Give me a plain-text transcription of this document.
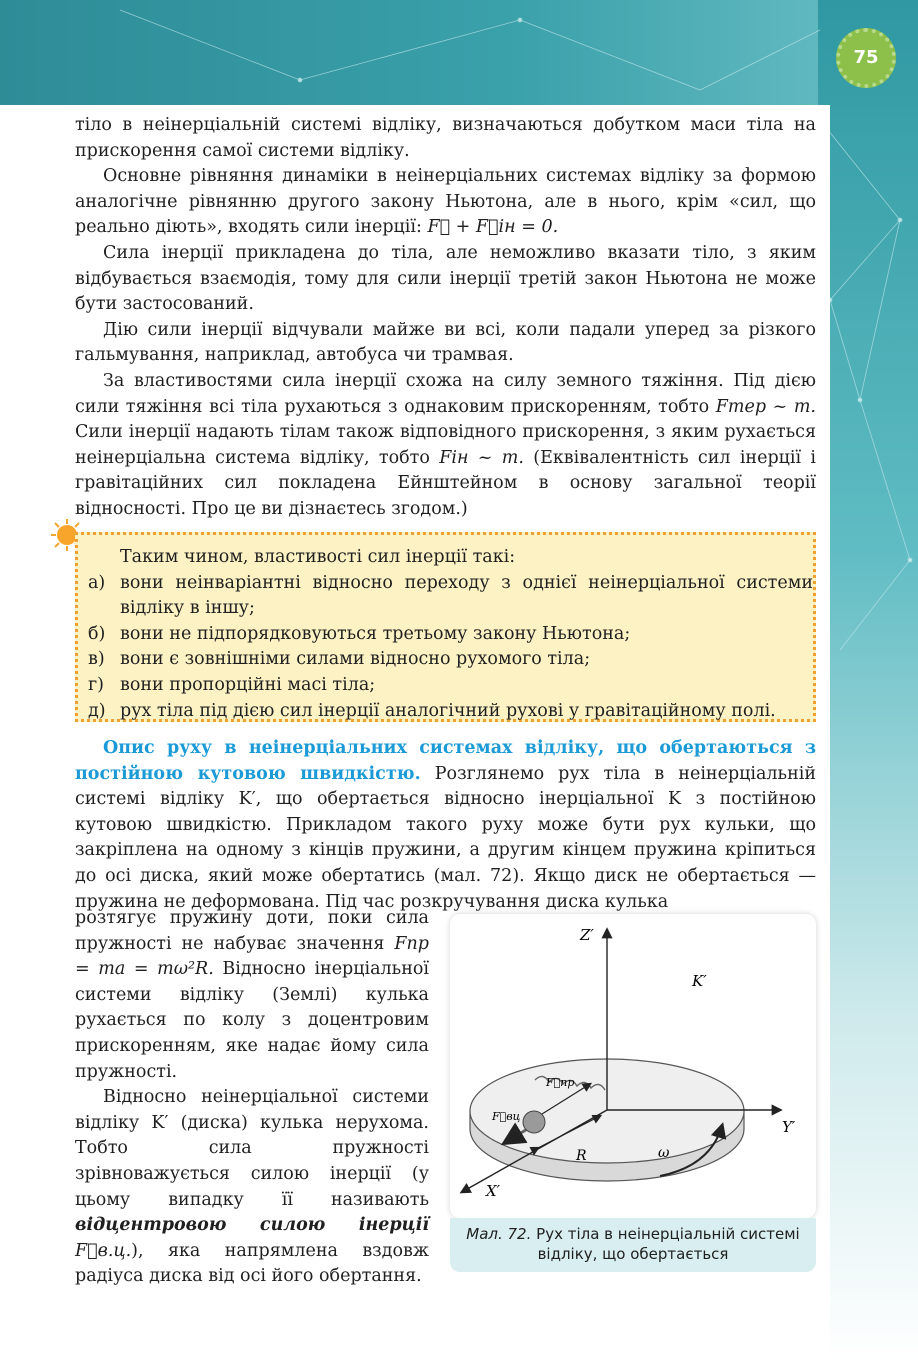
75

тіло в неінерціальній системі відліку, визначаються добутком маси тіла на прискорення самої системи відліку.

Основне рівняння динаміки в неінерціальних системах відліку за формою аналогічне рівнянню другого закону Ньютона, але в нього, крім «сил, що реально діють», входять сили інерції: F⃗ + F⃗ін = 0.

Сила інерції прикладена до тіла, але неможливо вказати тіло, з яким відбувається взаємодія, тому для сили інерції третій закон Ньютона не може бути застосований.

Дію сили інерції відчували майже ви всі, коли падали уперед за різкого гальмування, наприклад, автобуса чи трамвая.

За властивостями сила інерції схожа на силу земного тяжіння. Під дією сили тяжіння всі тіла рухаються з однаковим прискоренням, тобто Fтер ~ m. Сили інерції надають тілам також відповідного прискорення, з яким рухається неінерціальна система відліку, тобто Fін ~ m. (Еквівалентність сил інерції і гравітаційних сил покладена Ейнштейном в основу загальної теорії відносності. Про це ви дізнаєтесь згодом.)

Таким чином, властивості сил інерції такі:
а) вони неінваріантні відносно переходу з однієї неінерціальної системи відліку в іншу;
б) вони не підпорядковуються третьому закону Ньютона;
в) вони є зовнішніми силами відносно рухомого тіла;
г) вони пропорційні масі тіла;
д) рух тіла під дією сил інерції аналогічний рухові у гравітаційному полі.

Опис руху в неінерціальних системах відліку, що обертаються з постійною кутовою швидкістю. Розглянемо рух тіла в неінерціальній системі відліку K′, що обертається відносно інерціальної K з постійною кутовою швидкістю. Прикладом такого руху може бути рух кульки, що закріплена на одному з кінців пружини, а другим кінцем пружина кріпиться до осі диска, який може обертатись (мал. 72). Якщо диск не обертається — пружина не деформована. Під час розкручування диска кулька

розтягує пружину доти, поки сила пружності не набуває значення Fпр = ma = mω²R. Відносно інерціальної системи відліку (Землі) кулька рухається по колу з доцентровим прискоренням, яке надає йому сила пружності.

Відносно неінерціальної системи відліку K′ (диска) кулька нерухома. Тобто сила пружності зрівноважується силою інерції (у цьому випадку її називають відцентровою силою інерції F⃗в.ц.), яка напрямлена вздовж радіуса диска від осі його обертання.

Z′
Y′
X′
K′
F⃗пр
F⃗вц
R	ω
Мал. 72. Рух тіла в неінерціальній системі відліку, що обертається
